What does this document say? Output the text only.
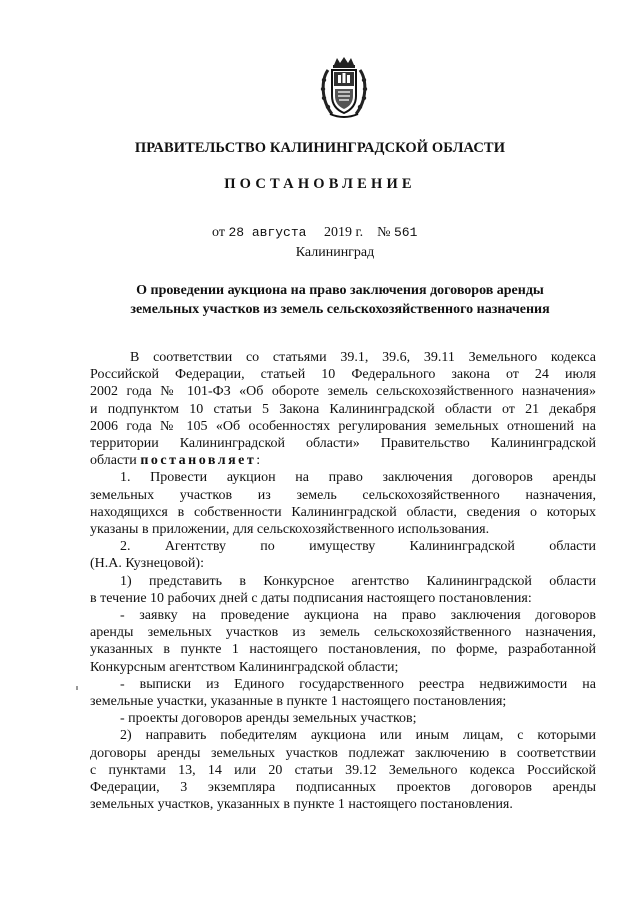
ПРАВИТЕЛЬСТВО КАЛИНИНГРАДСКОЙ ОБЛАСТИ
ПОСТАНОВЛЕНИЕ
от 28 августа 2019 г. № 561
Калининград
О проведении аукциона на право заключения договоров аренды
земельных участков из земель сельскохозяйственного назначения

В соответствии со статьями 39.1, 39.6, 39.11 Земельного кодекса

Российской Федерации, статьей 10 Федерального закона от 24 июля

2002 года № 101-ФЗ «Об обороте земель сельскохозяйственного назначения»

и подпунктом 10 статьи 5 Закона Калининградской области от 21 декабря

2006 года № 105 «Об особенностях регулирования земельных отношений на

территории Калининградской области» Правительство Калининградской

области постановляет:

1. Провести аукцион на право заключения договоров аренды

земельных участков из земель сельскохозяйственного назначения,

находящихся в собственности Калининградской области, сведения о которых

указаны в приложении, для сельскохозяйственного использования.

2. Агентству по имуществу Калининградской области

(Н.А. Кузнецовой):

1) представить в Конкурсное агентство Калининградской области

в течение 10 рабочих дней с даты подписания настоящего постановления:

- заявку на проведение аукциона на право заключения договоров

аренды земельных участков из земель сельскохозяйственного назначения,

указанных в пункте 1 настоящего постановления, по форме, разработанной

Конкурсным агентством Калининградской области;

- выписки из Единого государственного реестра недвижимости на

земельные участки, указанные в пункте 1 настоящего постановления;

- проекты договоров аренды земельных участков;

2) направить победителям аукциона или иным лицам, с которыми

договоры аренды земельных участков подлежат заключению в соответствии

с пунктами 13, 14 или 20 статьи 39.12 Земельного кодекса Российской

Федерации, 3 экземпляра подписанных проектов договоров аренды

земельных участков, указанных в пункте 1 настоящего постановления.
